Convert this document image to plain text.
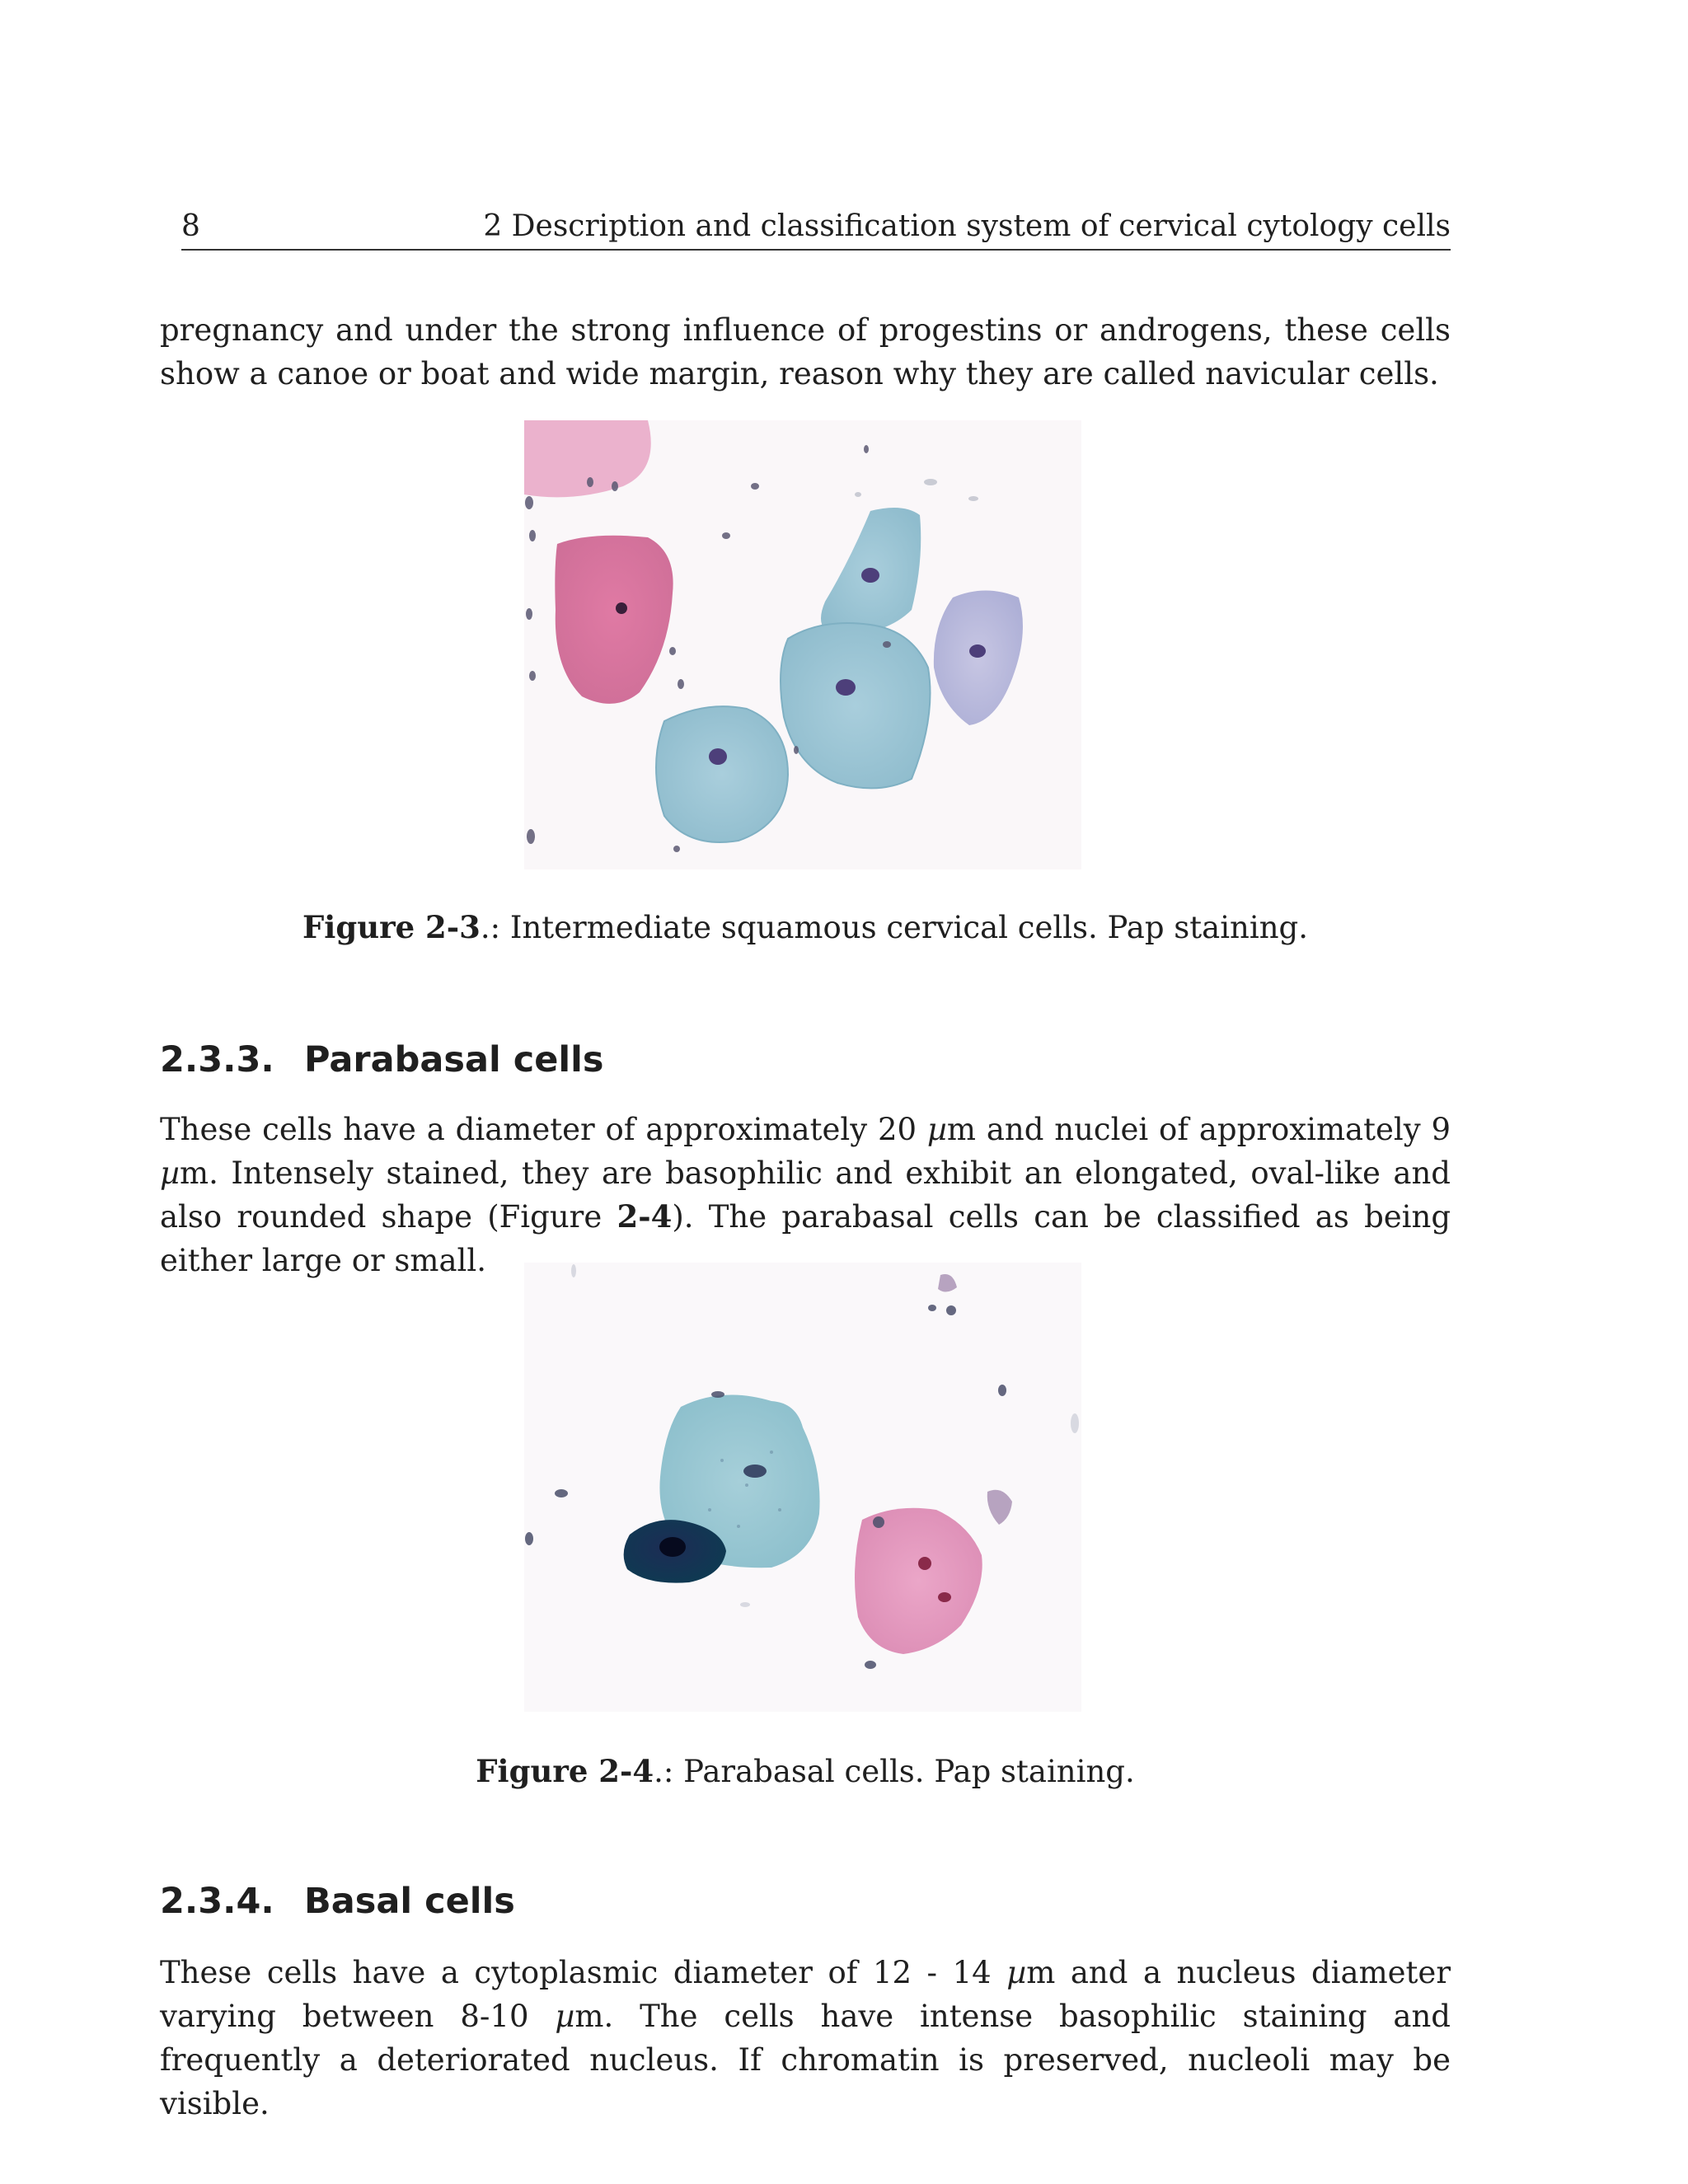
8	2 Description and classification system of cervical cytology cells

pregnancy and under the strong influence of progestins or androgens, these cells show a canoe or boat and wide margin, reason why they are called navicular cells.

Figure 2-3.: Intermediate squamous cervical cells. Pap staining.
2.3.3. Parabasal cells

These cells have a diameter of approximately 20 µm and nuclei of approximately 9 µm. Intensely stained, they are basophilic and exhibit an elongated, oval-like and also rounded shape (Figure 2-4). The parabasal cells can be classified as being either large or small.

Figure 2-4.: Parabasal cells. Pap staining.
2.3.4. Basal cells

These cells have a cytoplasmic diameter of 12 - 14 µm and a nucleus diameter varying between 8-10 µm. The cells have intense basophilic staining and frequently a deteriorated nucleus. If chromatin is preserved, nucleoli may be visible.
